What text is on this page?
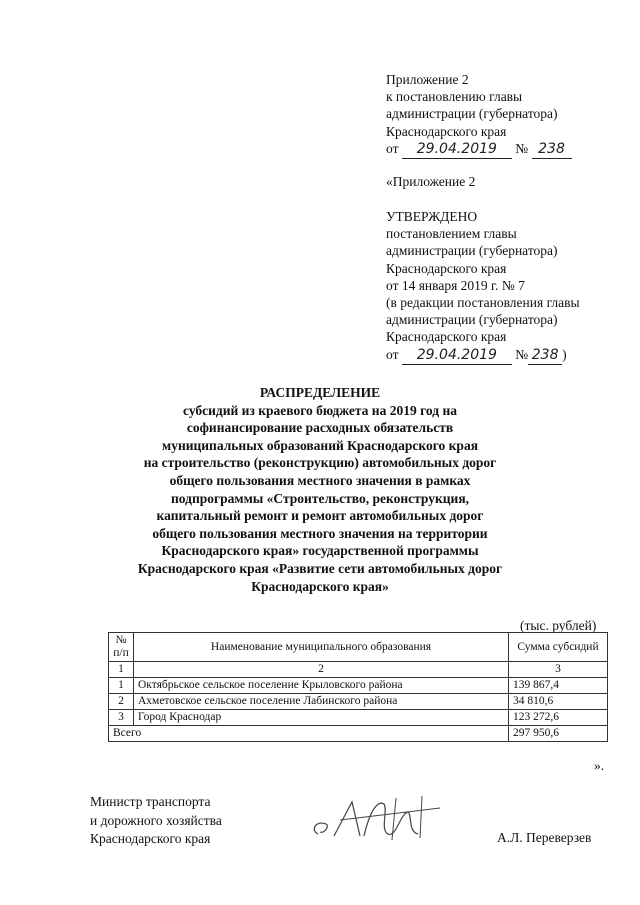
Приложение 2
к постановлению главы
администрации (губернатора)
Краснодарского края
от 29.04.2019 № 238
«Приложение 2
УТВЕРЖДЕНО
постановлением главы
администрации (губернатора)
Краснодарского края
от 14 января 2019 г. № 7
(в редакции постановления главы
администрации (губернатора)
Краснодарского края
от 29.04.2019 № 238 )
РАСПРЕДЕЛЕНИЕ
субсидий из краевого бюджета на 2019 год на
софинансирование расходных обязательств
муниципальных образований Краснодарского края
на строительство (реконструкцию) автомобильных дорог
общего пользования местного значения в рамках
подпрограммы «Строительство, реконструкция,
капитальный ремонт и ремонт автомобильных дорог
общего пользования местного значения на территории
Краснодарского края» государственной программы
Краснодарского края «Развитие сети автомобильных дорог
Краснодарского края»
(тыс. рублей)
№ п/п	Наименование муниципального образования	Сумма субсидий
1	2	3
1	Октябрьское сельское поселение Крыловского района	139 867,4
2	Ахметовское сельское поселение Лабинского района	34 810,6
3	Город Краснодар	123 272,6
Всего		297 950,6
».
Министр транспорта
и дорожного хозяйства
Краснодарского края	А.Л. Переверзев
